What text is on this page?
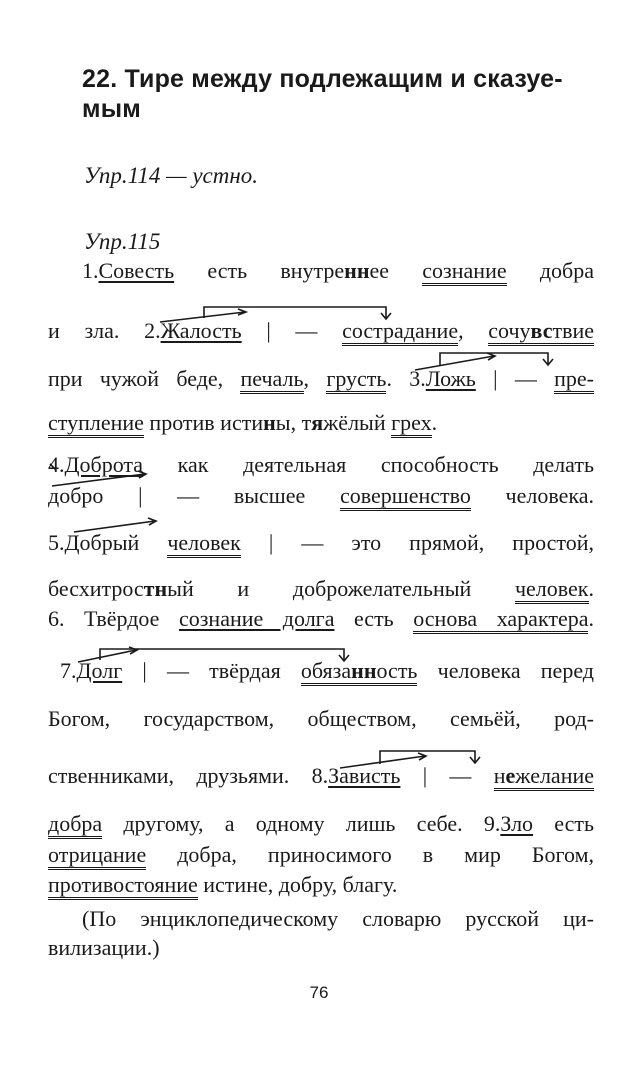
22. Тире между подлежащим и сказуе-
мым
Упр.114 — устно.
Упр.115
1.Совесть есть внутреннее сознание добра
и зла. 2.Жалость | — сострадание, сочувствие
при чужой беде, печаль, грусть. 3.Ложь | — пре-
ступление против истины, тяжёлый грех.
4.Доброта как деятельная способность делать
добро | — высшее совершенство человека.
5.Добрый человек | — это прямой, простой,
бесхитростный и доброжелательный человек.
6. Твёрдое сознание долга есть основа характера.
7.Долг | — твёрдая обязанность человека перед
Богом, государством, обществом, семьёй, род-
ственниками, друзьями. 8.Зависть | — нежелание
добра другому, а одному лишь себе. 9.Зло есть
отрицание добра, приносимого в мир Богом,
противостояние истине, добру, благу.
(По энциклопедическому словарю русской ци-
вилизации.)
76
